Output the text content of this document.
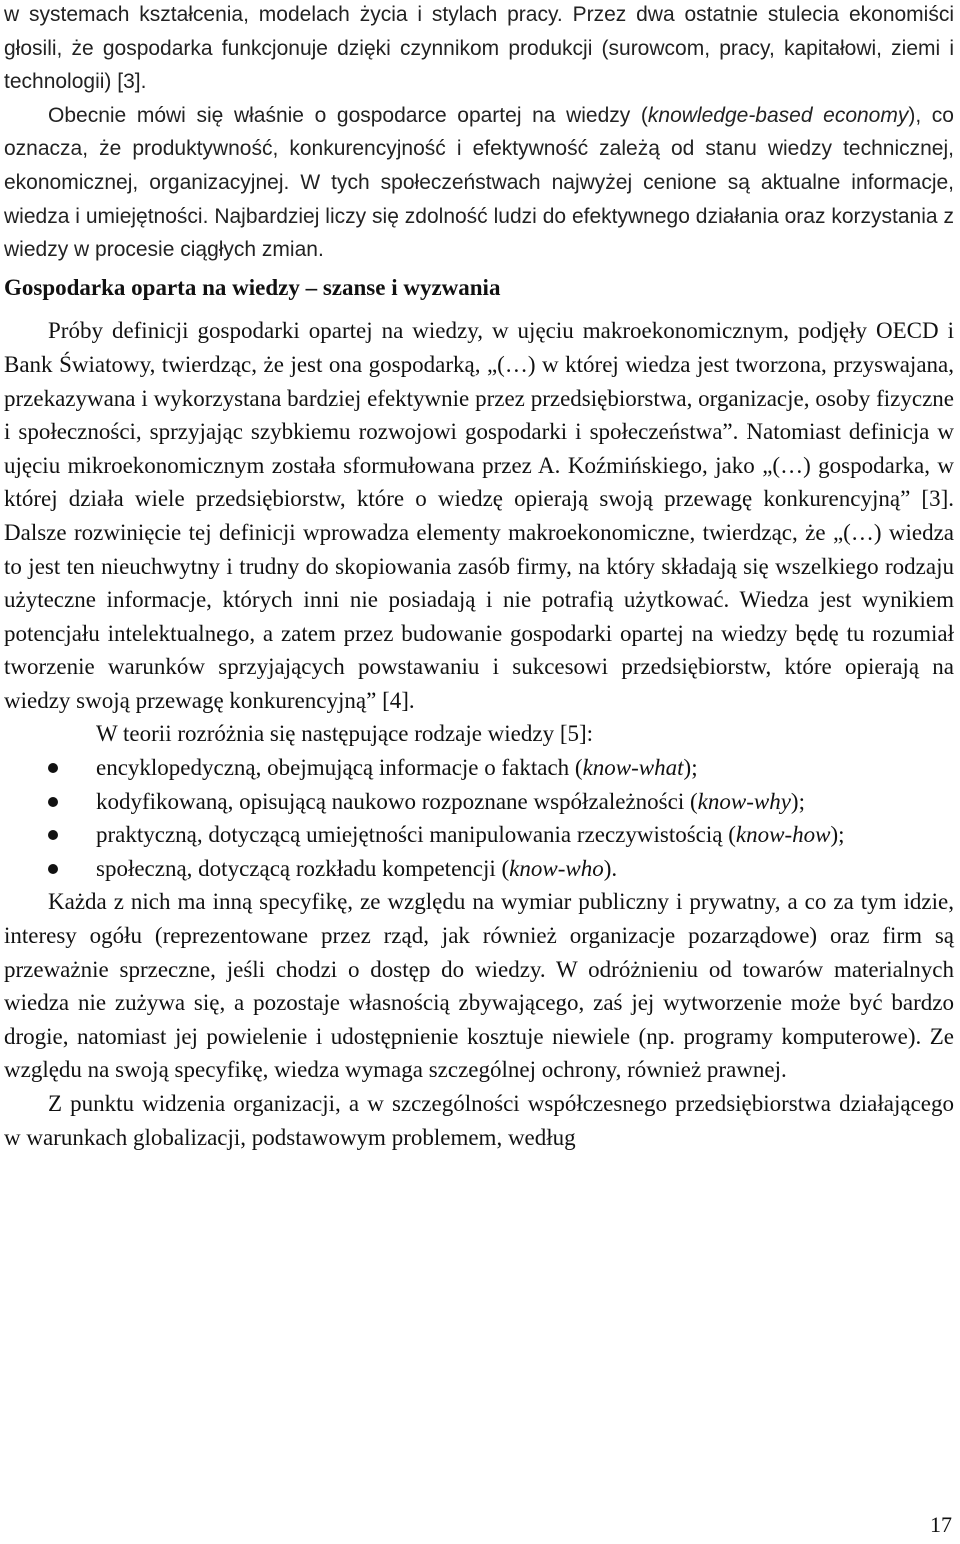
w systemach kształcenia, modelach życia i stylach pracy. Przez dwa ostatnie stulecia ekonomiści głosili, że gospodarka funkcjonuje dzięki czynnikom produkcji (surowcom, pracy, kapitałowi, ziemi i technologii) [3].

Obecnie mówi się właśnie o gospodarce opartej na wiedzy (knowledge-based economy), co oznacza, że produktywność, konkurencyjność i efektywność zależą od stanu wiedzy technicznej, ekonomicznej, organizacyjnej. W tych społeczeństwach najwyżej cenione są aktualne informacje, wiedza i umiejętności. Najbardziej liczy się zdolność ludzi do efektywnego działania oraz korzystania z wiedzy w procesie ciągłych zmian.

Gospodarka oparta na wiedzy – szanse i wyzwania

Próby definicji gospodarki opartej na wiedzy, w ujęciu makroekonomicznym, podjęły OECD i Bank Światowy, twierdząc, że jest ona gospodarką, „(…) w której wiedza jest tworzona, przyswajana, przekazywana i wykorzystana bardziej efektywnie przez przedsiębiorstwa, organizacje, osoby fizyczne i społeczności, sprzyjając szybkiemu rozwojowi gospodarki i społeczeństwa”. Natomiast definicja w ujęciu mikroekonomicznym została sformułowana przez A. Koźmińskiego, jako „(…) gospodarka, w której działa wiele przedsiębiorstw, które o wiedzę opierają swoją przewagę konkurencyjną” [3]. Dalsze rozwinięcie tej definicji wprowadza elementy makroekonomiczne, twierdząc, że „(…) wiedza to jest ten nieuchwytny i trudny do skopiowania zasób firmy, na który składają się wszelkiego rodzaju użyteczne informacje, których inni nie posiadają i nie potrafią użytkować. Wiedza jest wynikiem potencjału intelektualnego, a zatem przez budowanie gospodarki opartej na wiedzy będę tu rozumiał tworzenie warunków sprzyjających powstawaniu i sukcesowi przedsiębiorstw, które opierają na wiedzy swoją przewagę konkurencyjną” [4].

W teorii rozróżnia się następujące rodzaje wiedzy [5]:

encyklopedyczną, obejmującą informacje o faktach (know-what);
kodyfikowaną, opisującą naukowo rozpoznane współzależności (know-why);
praktyczną, dotyczącą umiejętności manipulowania rzeczywistością (know-how);
społeczną, dotyczącą rozkładu kompetencji (know-who).

Każda z nich ma inną specyfikę, ze względu na wymiar publiczny i prywatny, a co za tym idzie, interesy ogółu (reprezentowane przez rząd, jak również organizacje pozarządowe) oraz firm są przeważnie sprzeczne, jeśli chodzi o dostęp do wiedzy. W odróżnieniu od towarów materialnych wiedza nie zużywa się, a pozostaje własnością zbywającego, zaś jej wytworzenie może być bardzo drogie, natomiast jej powielenie i udostępnienie kosztuje niewiele (np. programy komputerowe). Ze względu na swoją specyfikę, wiedza wymaga szczególnej ochrony, również prawnej.

Z punktu widzenia organizacji, a w szczególności współczesnego przedsiębiorstwa działającego w warunkach globalizacji, podstawowym problemem, według

17
